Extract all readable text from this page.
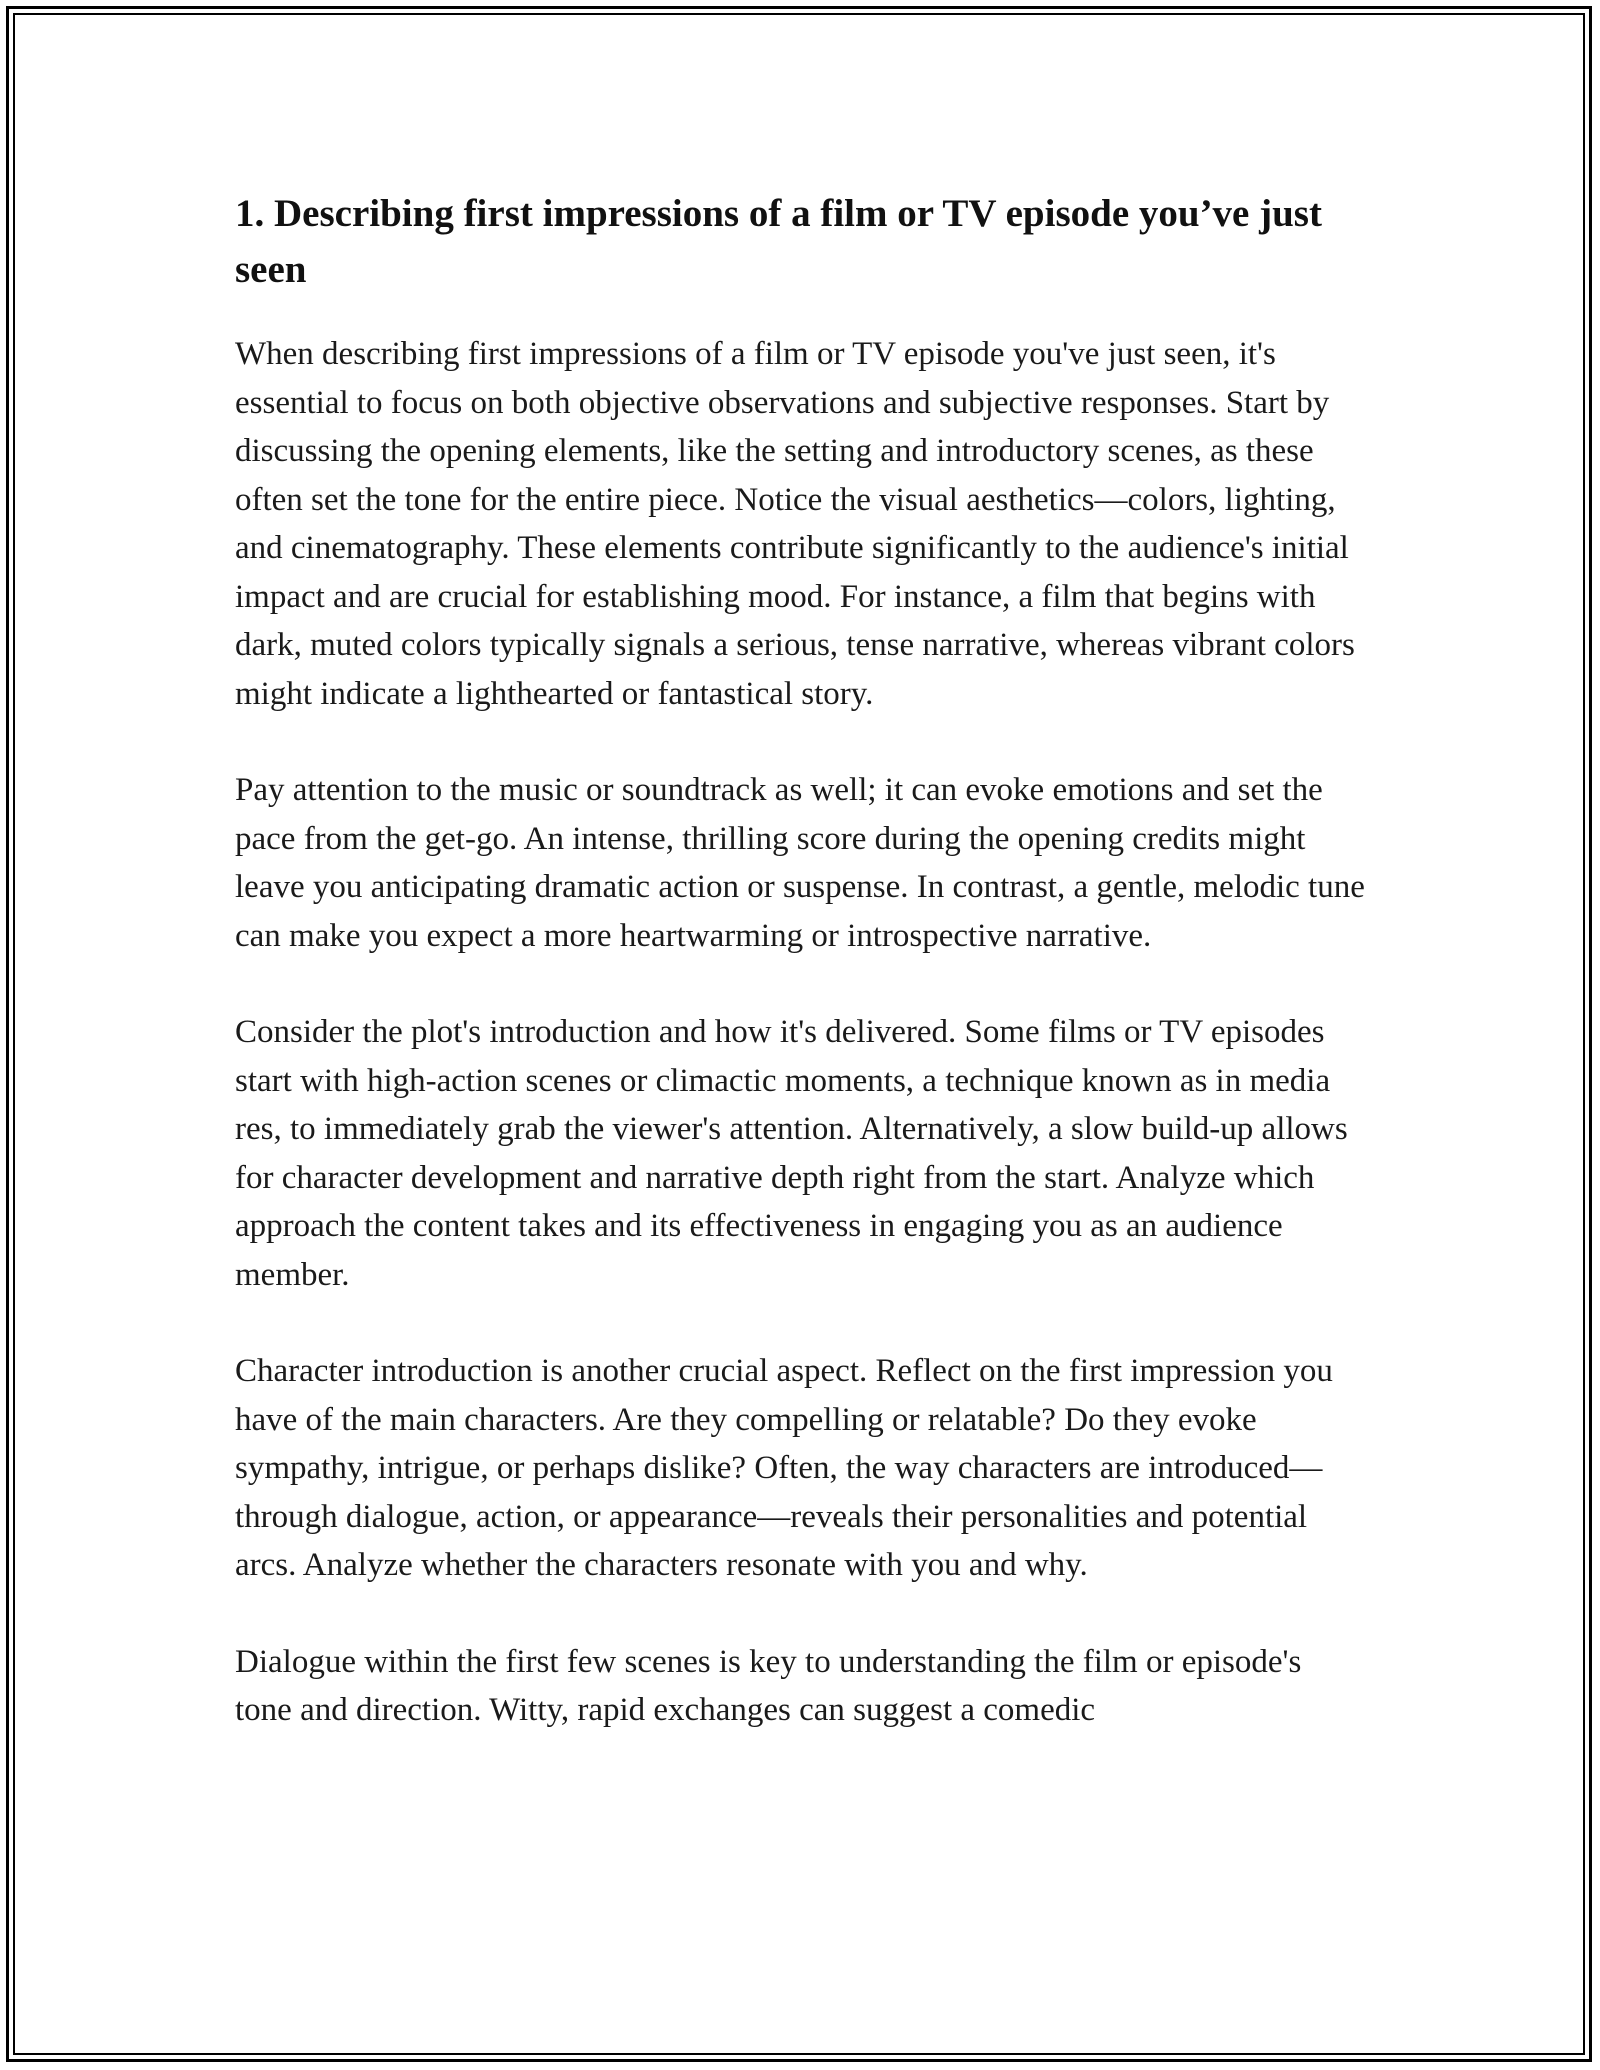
1. Describing first impressions of a film or TV episode you’ve just seen

When describing first impressions of a film or TV episode you've just seen, it's essential to focus on both objective observations and subjective responses. Start by discussing the opening elements, like the setting and introductory scenes, as these often set the tone for the entire piece. Notice the visual aesthetics—colors, lighting, and cinematography. These elements contribute significantly to the audience's initial impact and are crucial for establishing mood. For instance, a film that begins with dark, muted colors typically signals a serious, tense narrative, whereas vibrant colors might indicate a lighthearted or fantastical story.

Pay attention to the music or soundtrack as well; it can evoke emotions and set the pace from the get-go. An intense, thrilling score during the opening credits might leave you anticipating dramatic action or suspense. In contrast, a gentle, melodic tune can make you expect a more heartwarming or introspective narrative.

Consider the plot's introduction and how it's delivered. Some films or TV episodes start with high-action scenes or climactic moments, a technique known as in media res, to immediately grab the viewer's attention. Alternatively, a slow build-up allows for character development and narrative depth right from the start. Analyze which approach the content takes and its effectiveness in engaging you as an audience member.

Character introduction is another crucial aspect. Reflect on the first impression you have of the main characters. Are they compelling or relatable? Do they evoke sympathy, intrigue, or perhaps dislike? Often, the way characters are introduced—through dialogue, action, or appearance—reveals their personalities and potential arcs. Analyze whether the characters resonate with you and why.

Dialogue within the first few scenes is key to understanding the film or episode's tone and direction. Witty, rapid exchanges can suggest a comedic
